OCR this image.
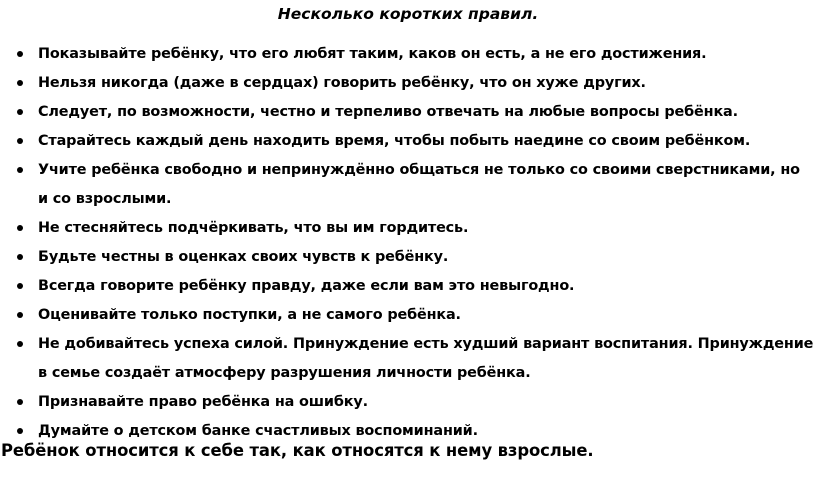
Несколько коротких правил.
Показывайте ребёнку, что его любят таким, каков он есть, а не его достижения.
Нельзя никогда (даже в сердцах) говорить ребёнку, что он хуже других.
Следует, по возможности, честно и терпеливо отвечать на любые вопросы ребёнка.
Старайтесь каждый день находить время, чтобы побыть наедине со своим ребёнком.
Учите ребёнка свободно и непринуждённо общаться не только со своими сверстниками, но
и со взрослыми.
Не стесняйтесь подчёркивать, что вы им гордитесь.
Будьте честны в оценках своих чувств к ребёнку.
Всегда говорите ребёнку правду, даже если вам это невыгодно.
Оценивайте только поступки, а не самого ребёнка.
Не добивайтесь успеха силой. Принуждение есть худший вариант воспитания. Принуждение
в семье создаёт атмосферу разрушения личности ребёнка.
Признавайте право ребёнка на ошибку.
Думайте о детском банке счастливых воспоминаний.
Ребёнок относится к себе так, как относятся к нему взрослые.
